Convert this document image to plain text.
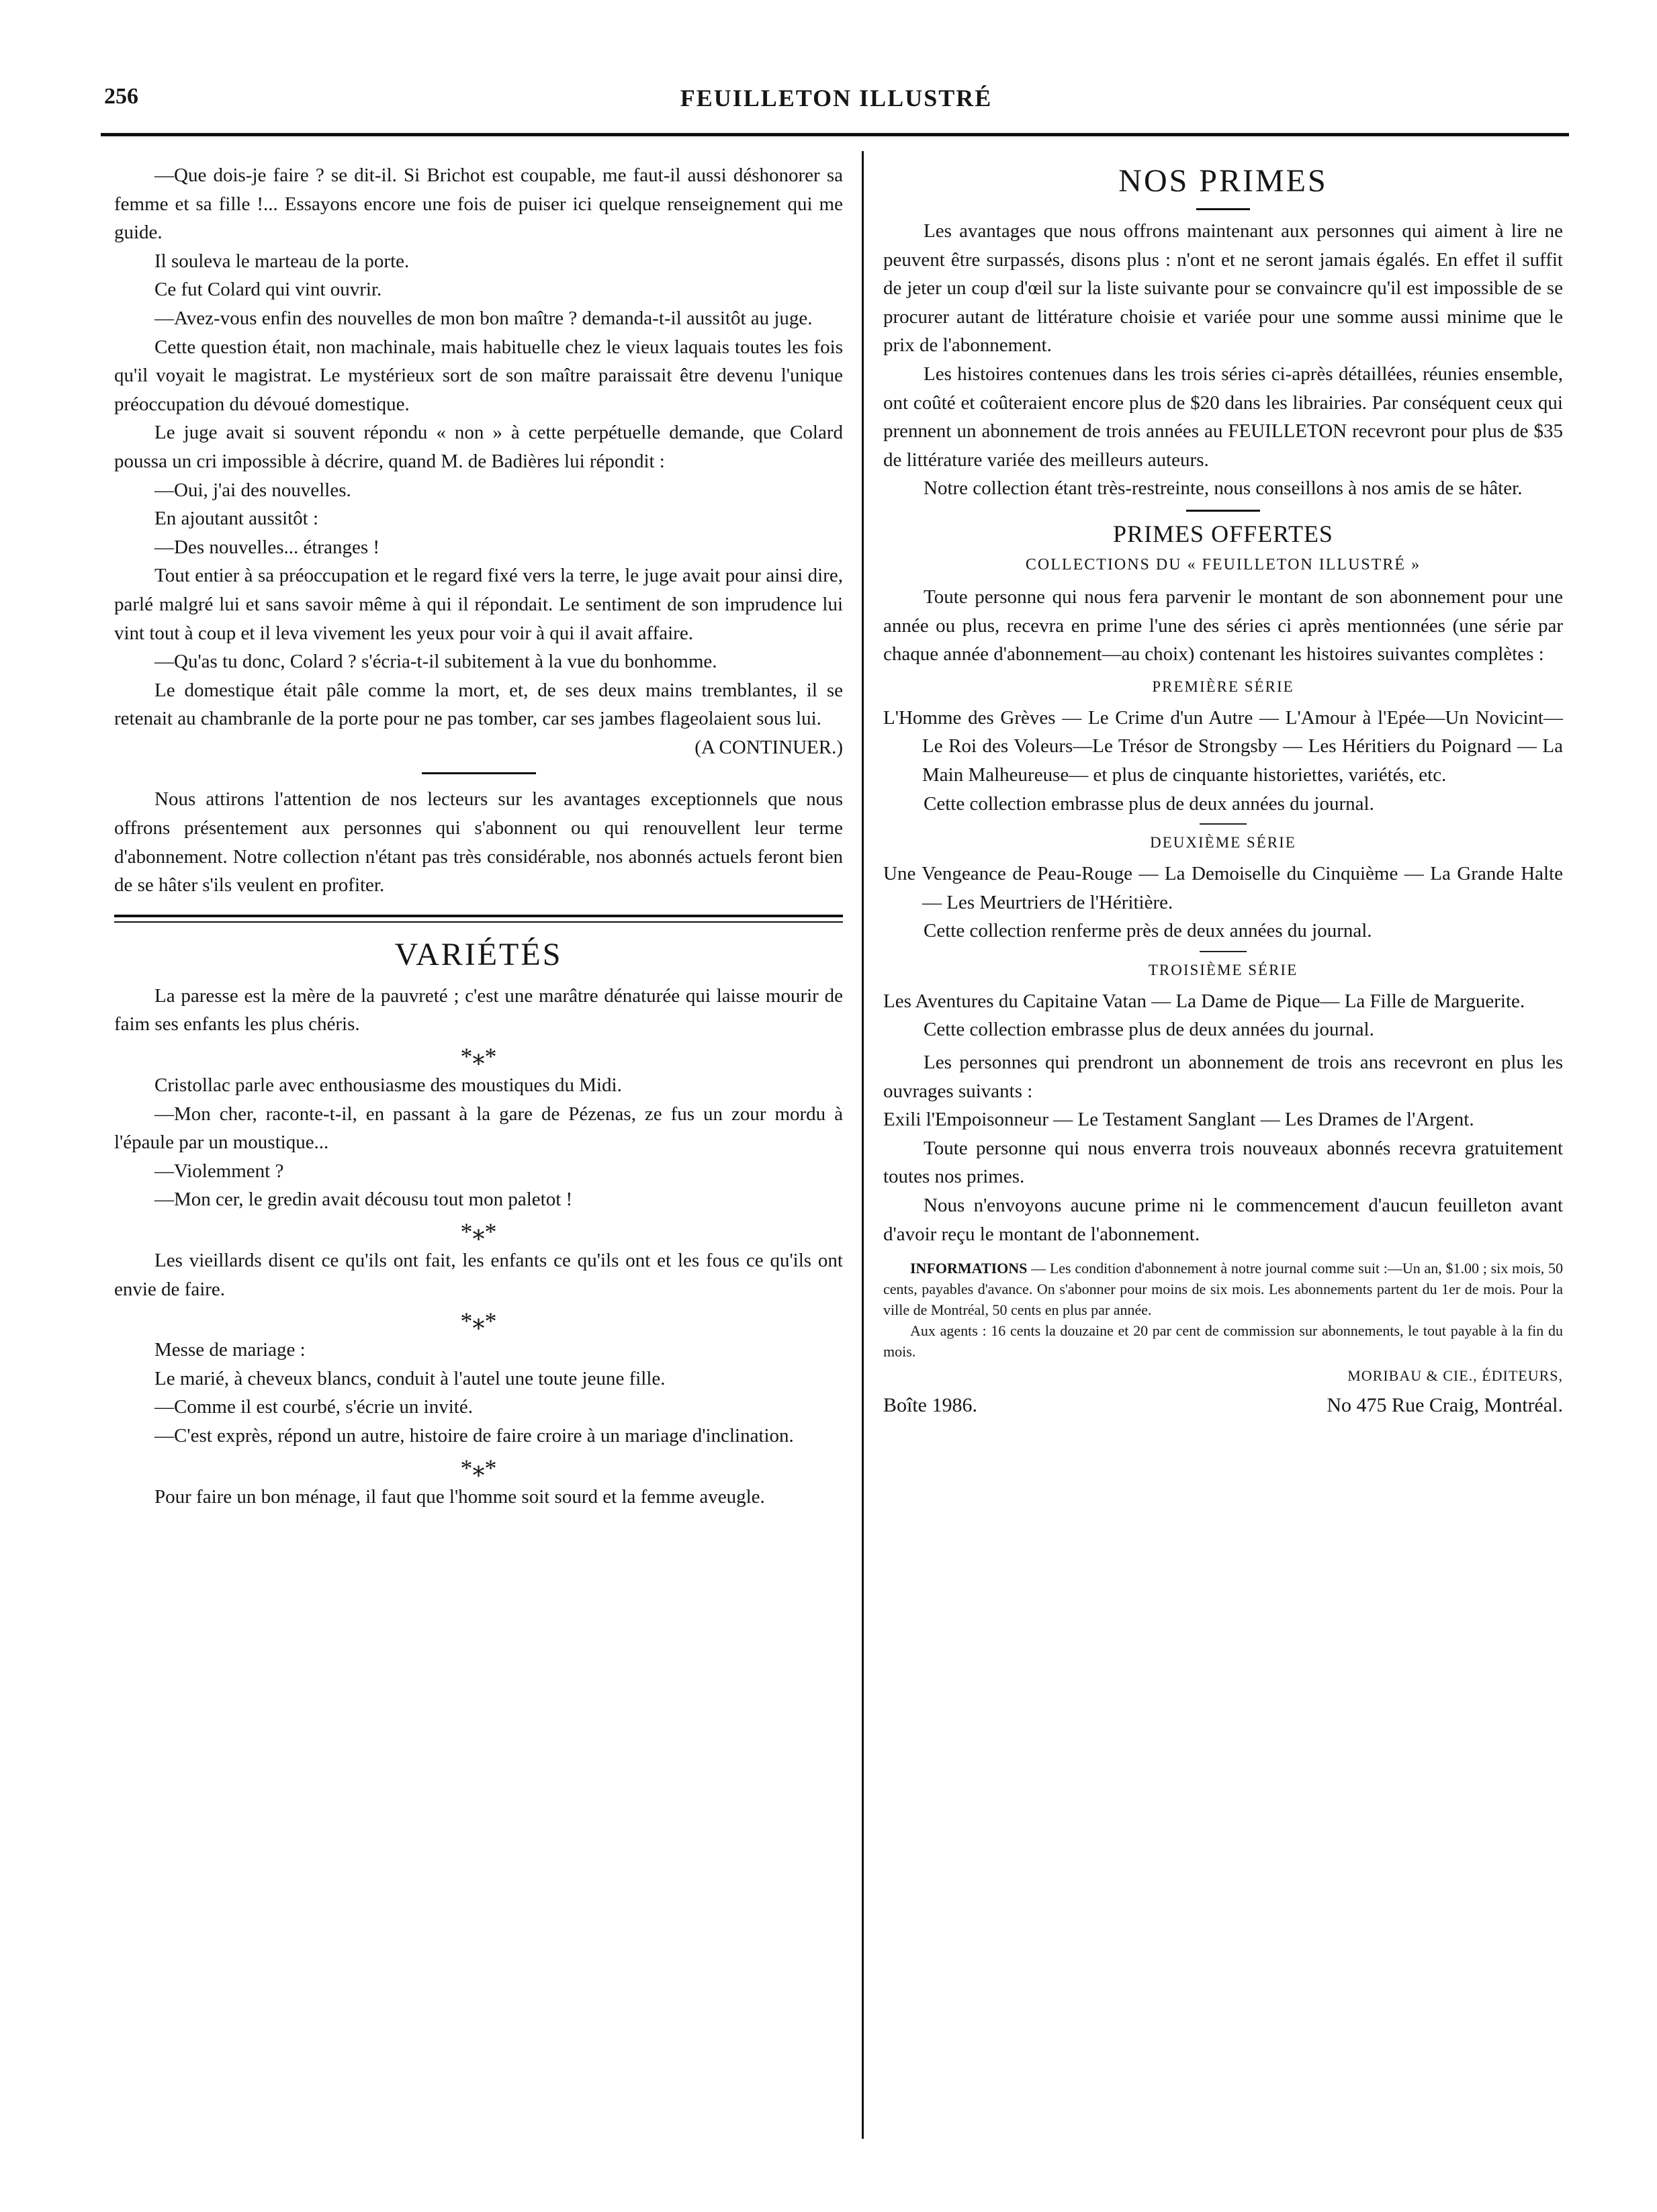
256	FEUILLETON ILLUSTRÉ

—Que dois-je faire ? se dit-il. Si Brichot est coupable, me faut-il aussi déshonorer sa femme et sa fille !... Essayons encore une fois de puiser ici quelque renseignement qui me guide.

Il souleva le marteau de la porte.

Ce fut Colard qui vint ouvrir.

—Avez-vous enfin des nouvelles de mon bon maître ? demanda-t-il aussitôt au juge.

Cette question était, non machinale, mais habituelle chez le vieux laquais toutes les fois qu'il voyait le magistrat. Le mystérieux sort de son maître paraissait être devenu l'unique préoccupation du dévoué domestique.

Le juge avait si souvent répondu « non » à cette perpétuelle demande, que Colard poussa un cri impossible à décrire, quand M. de Badières lui répondit :

—Oui, j'ai des nouvelles.

En ajoutant aussitôt :

—Des nouvelles... étranges !

Tout entier à sa préoccupation et le regard fixé vers la terre, le juge avait pour ainsi dire, parlé malgré lui et sans savoir même à qui il répondait. Le sentiment de son imprudence lui vint tout à coup et il leva vivement les yeux pour voir à qui il avait affaire.

—Qu'as tu donc, Colard ? s'écria-t-il subitement à la vue du bonhomme.

Le domestique était pâle comme la mort, et, de ses deux mains tremblantes, il se retenait au chambranle de la porte pour ne pas tomber, car ses jambes flageolaient sous lui.

(A CONTINUER.)

Nous attirons l'attention de nos lecteurs sur les avantages exceptionnels que nous offrons présentement aux personnes qui s'abonnent ou qui renouvellent leur terme d'abonnement. Notre collection n'étant pas très considérable, nos abonnés actuels feront bien de se hâter s'ils veulent en profiter.

VARIÉTÉS

La paresse est la mère de la pauvreté ; c'est une marâtre dénaturée qui laisse mourir de faim ses enfants les plus chéris.

*⁎*

Cristollac parle avec enthousiasme des moustiques du Midi.

—Mon cher, raconte-t-il, en passant à la gare de Pézenas, ze fus un zour mordu à l'épaule par un moustique...

—Violemment ?

—Mon cer, le gredin avait décousu tout mon paletot !

*⁎*

Les vieillards disent ce qu'ils ont fait, les enfants ce qu'ils ont et les fous ce qu'ils ont envie de faire.

*⁎*

Messe de mariage :

Le marié, à cheveux blancs, conduit à l'autel une toute jeune fille.

—Comme il est courbé, s'écrie un invité.

—C'est exprès, répond un autre, histoire de faire croire à un mariage d'inclination.

*⁎*

Pour faire un bon ménage, il faut que l'homme soit sourd et la femme aveugle.

NOS PRIMES

Les avantages que nous offrons maintenant aux personnes qui aiment à lire ne peuvent être surpassés, disons plus : n'ont et ne seront jamais égalés. En effet il suffit de jeter un coup d'œil sur la liste suivante pour se convaincre qu'il est impossible de se procurer autant de littérature choisie et variée pour une somme aussi minime que le prix de l'abonnement.

Les histoires contenues dans les trois séries ci-après détaillées, réunies ensemble, ont coûté et coûteraient encore plus de $20 dans les librairies. Par conséquent ceux qui prennent un abonnement de trois années au FEUILLETON recevront pour plus de $35 de littérature variée des meilleurs auteurs.

Notre collection étant très-restreinte, nous conseillons à nos amis de se hâter.

PRIMES OFFERTES
COLLECTIONS DU « FEUILLETON ILLUSTRÉ »

Toute personne qui nous fera parvenir le montant de son abonnement pour une année ou plus, recevra en prime l'une des séries ci après mentionnées (une série par chaque année d'abonnement—au choix) contenant les histoires suivantes complètes :

PREMIÈRE SÉRIE

L'Homme des Grèves — Le Crime d'un Autre — L'Amour à l'Epée—Un Novicint—Le Roi des Voleurs—Le Trésor de Strongsby — Les Héritiers du Poignard — La Main Malheureuse— et plus de cinquante historiettes, variétés, etc.

Cette collection embrasse plus de deux années du journal.

DEUXIÈME SÉRIE

Une Vengeance de Peau-Rouge — La Demoiselle du Cinquième — La Grande Halte — Les Meurtriers de l'Héritière.

Cette collection renferme près de deux années du journal.

TROISIÈME SÉRIE

Les Aventures du Capitaine Vatan — La Dame de Pique— La Fille de Marguerite.

Cette collection embrasse plus de deux années du journal.

Les personnes qui prendront un abonnement de trois ans recevront en plus les ouvrages suivants :

Exili l'Empoisonneur — Le Testament Sanglant — Les Drames de l'Argent.

Toute personne qui nous enverra trois nouveaux abonnés recevra gratuitement toutes nos primes.

Nous n'envoyons aucune prime ni le commencement d'aucun feuilleton avant d'avoir reçu le montant de l'abonnement.

INFORMATIONS — Les condition d'abonnement à notre journal comme suit :—Un an, $1.00 ; six mois, 50 cents, payables d'avance. On s'abonner pour moins de six mois. Les abonnements partent du 1er de mois. Pour la ville de Montréal, 50 cents en plus par année.

Aux agents : 16 cents la douzaine et 20 par cent de commission sur abonnements, le tout payable à la fin du mois.

MORIBAU & CIE., ÉDITEURS,
Boîte 1986.	No 475 Rue Craig, Montréal.
